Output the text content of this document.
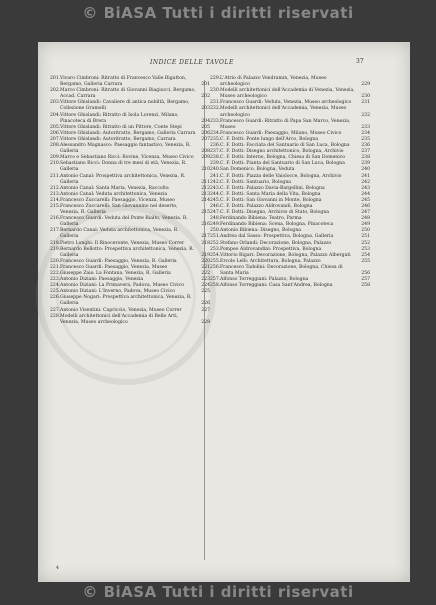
© BiASA Tutti i diritti riservati
INDICE DELLE TAVOLE	37
201. Vivaro Cimbroni: Ritratto di Francesco Valle Bigatton, Bergamo, Galleria Carrara	201
202. Marco Cimbroni: Ritratto di Giovanni Biagiucci, Bergamo, Accad. Carrara	202
203. Vittore Ghislandi: Cavaliere di antica nobiltà, Bergamo, Collezione Grumelli	203
204. Vittore Ghislandi: Ritratto di Isola Lorenzi, Milano, Pinacoteca di Brera	204
205. Vittore Ghislandi: Ritratto di un Pittore, Conte Stepi	205
206. Vittore Ghislandi: Autoritratto, Bergamo, Galleria Carrara 206
207. Vittore Ghislandi: Autoritratto, Bergamo, Carrara	207
208. Alessandro Magnasco: Paesaggio fantastico, Venezia, R. Galleria	208
209. Marco e Sebastiano Ricci: Rovine, Vicenza, Museo Civico 209
210. Sebastiano Ricci: Donna di tre mesi di età, Venezia, R. Galleria	210
211. Antonio Canal: Prospettiva architettonica, Venezia, R. Galleria	211
212. Antonio Canal: Santa Maria, Venezia, Raccolta	212
213. Antonio Canal: Veduta architettonica, Venezia	213
214. Francesco Zuccarelli: Paesaggio, Vicenza, Museo	214
215. Francesco Zuccarelli: San Giovannino nel deserto, Venezia, R. Galleria	215
216. Francesco Guardi: Veduta del Ponte Rialto, Venezia, R. Galleria	216
217. Bernardo Canal: Veduta architettonica, Venezia, R. Galleria	217
218. Pietro Longhi: Il Rinoceronte, Venezia, Museo Correr	218
219. Bernardo Bellotto: Prospettiva architettonica, Venezia, R. Galleria	219
220. Francesco Guardi: Paesaggio, Venezia, R. Galleria	220
221. Francesco Guardi: Paesaggio, Venezia, Museo	221
222. Giuseppe Zais: La Fontana, Venezia, R. Galleria	222
223. Antonio Diziani: Paesaggio, Venezia	223
224. Antonio Diziani: La Primavera, Padova, Museo Civico	224
225. Antonio Diziani: L'Inverno, Padova, Museo Civico	225
226. Giuseppe Nogari: Prospettiva architettonica, Venezia, R. Galleria	226
227. Antonio Visentini: Capriccio, Venezia, Museo Correr	227
228. Modelli architettonici dell'Accademia di Belle Arti, Venezia, Museo archeologico	228
229. L'Atrio di Palazzo Vendramin, Venezia, Museo archeologico	229
230. Modelli architettonici dell'Accademia di Venezia, Venezia, Museo archeologico	230
231. Francesco Guardi: Veduta, Venezia, Museo archeologico 231
232. Modelli architettonici dell'Accademia, Venezia, Museo archeologico	232
233. Francesco Guardi: Ritratto di Papa San Marco, Venezia, Museo	233
234. Francesco Guardi: Paesaggio, Milano, Museo Civico	234
235. C. F. Dotti: Ponte lungo dell'Arco, Bologna	235
236. C. F. Dotti: Facciata del Santuario di San Luca, Bologna	236
237. C. F. Dotti: Disegno architettonico, Bologna, Archivio	237
238. C. F. Dotti: Interno, Bologna, Chiesa di San Domenico	238
239. C. F. Dotti: Pianta del Santuario di San Luca, Bologna	239
240. San Domenico, Bologna, Veduta	240
241. C. F. Dotti: Piazza delle Vaiolocce, Bologna, Archivio	241
242. C. F. Dotti: Santuario, Bologna	242
243. C. F. Dotti: Palazzo Davia-Bargellini, Bologna	243
244. C. F. Dotti: Santa Maria della Vita, Bologna	244
245. C. F. Dotti: San Giovanni in Monte, Bologna	245
246. C. F. Dotti: Palazzo Aldrovandi, Bologna	246
247. C. F. Dotti: Disegno, Archivio di Stato, Bologna	247
248. Ferdinando Bibiena: Teatro, Parma	248
249. Ferdinando Bibiena: Scena, Bologna, Pinacoteca	249
250. Antonio Bibiena: Disegno, Bologna	250
251. Andrea dal Sasso: Prospettiva, Bologna, Galleria	251
252. Stefano Orlandi: Decorazione, Bologna, Palazzo	252
253. Pompeo Aldrovandini: Prospettiva, Bologna	253
254. Vittorio Bigari: Decorazione, Bologna, Palazzo Albergati 254
255. Ercole Lelli: Architettura, Bologna, Palazzo	255
256. Francesco Tadolini: Decorazione, Bologna, Chiesa di Santa Maria	256
257. Alfonso Torreggiani: Palazzo, Bologna	257
258. Alfonso Torreggiani: Casa Sant'Andrea, Bologna	258
4
© BiASA Tutti i diritti riservati
